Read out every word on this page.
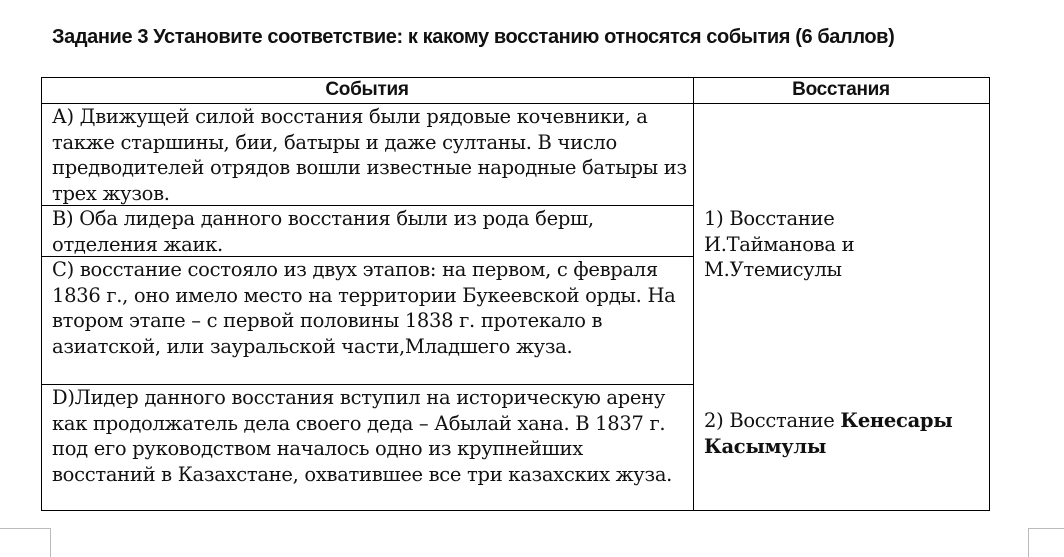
Задание 3 Установите соответствие: к какому восстанию относятся события (6 баллов)
События	Восстания
А) Движущей силой восстания были рядовые кочевники, а также старшины, бии, батыры и даже султаны. В число предводителей отрядов вошли известные народные батыры из трех жузов.
В) Оба лидера данного восстания были из рода берш, отделения жаик.
С) восстание состояло из двух этапов: на первом, с февраля 1836 г., оно имело место на территории Букеевской орды. На втором этапе – с первой половины 1838 г. протекало в азиатской, или зауральской части,Младшего жуза.
D)Лидер данного восстания вступил на историческую арену как продолжатель дела своего деда – Абылай хана. В 1837 г. под его руководством началось одно из крупнейших восстаний в Казахстане, охватившее все три казахских жуза.
1) Восстание И.Тайманова и М.Утемисулы
2) Восстание Кенесары Касымулы
